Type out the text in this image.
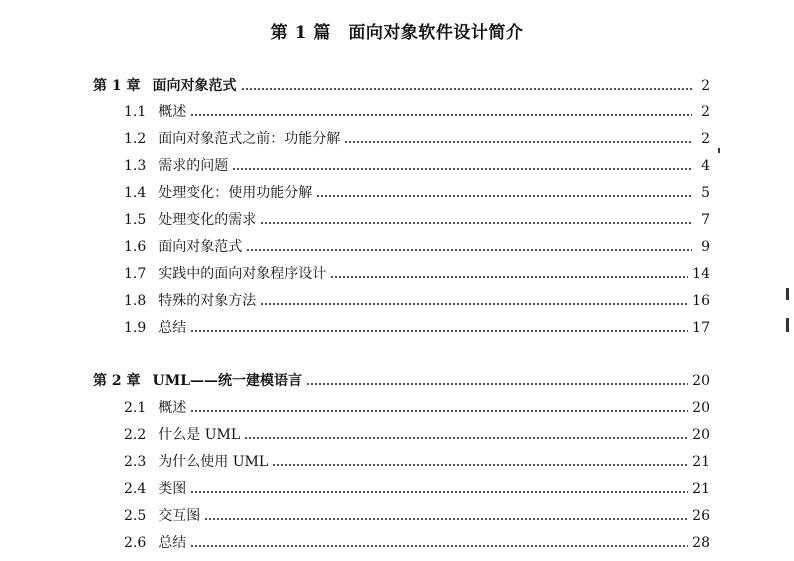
第 1 篇　面向对象软件设计简介
第 1 章 面向对象范式	2
1.1 概述	2
1.2 面向对象范式之前：功能分解	2
1.3 需求的问题	4
1.4 处理变化：使用功能分解	5
1.5 处理变化的需求	7
1.6 面向对象范式	9
1.7 实践中的面向对象程序设计	14
1.8 特殊的对象方法	16
1.9 总结	17
第 2 章 UML——统一建模语言	20
2.1 概述	20
2.2 什么是 UML	20
2.3 为什么使用 UML	21
2.4 类图	21
2.5 交互图	26
2.6 总结	28
